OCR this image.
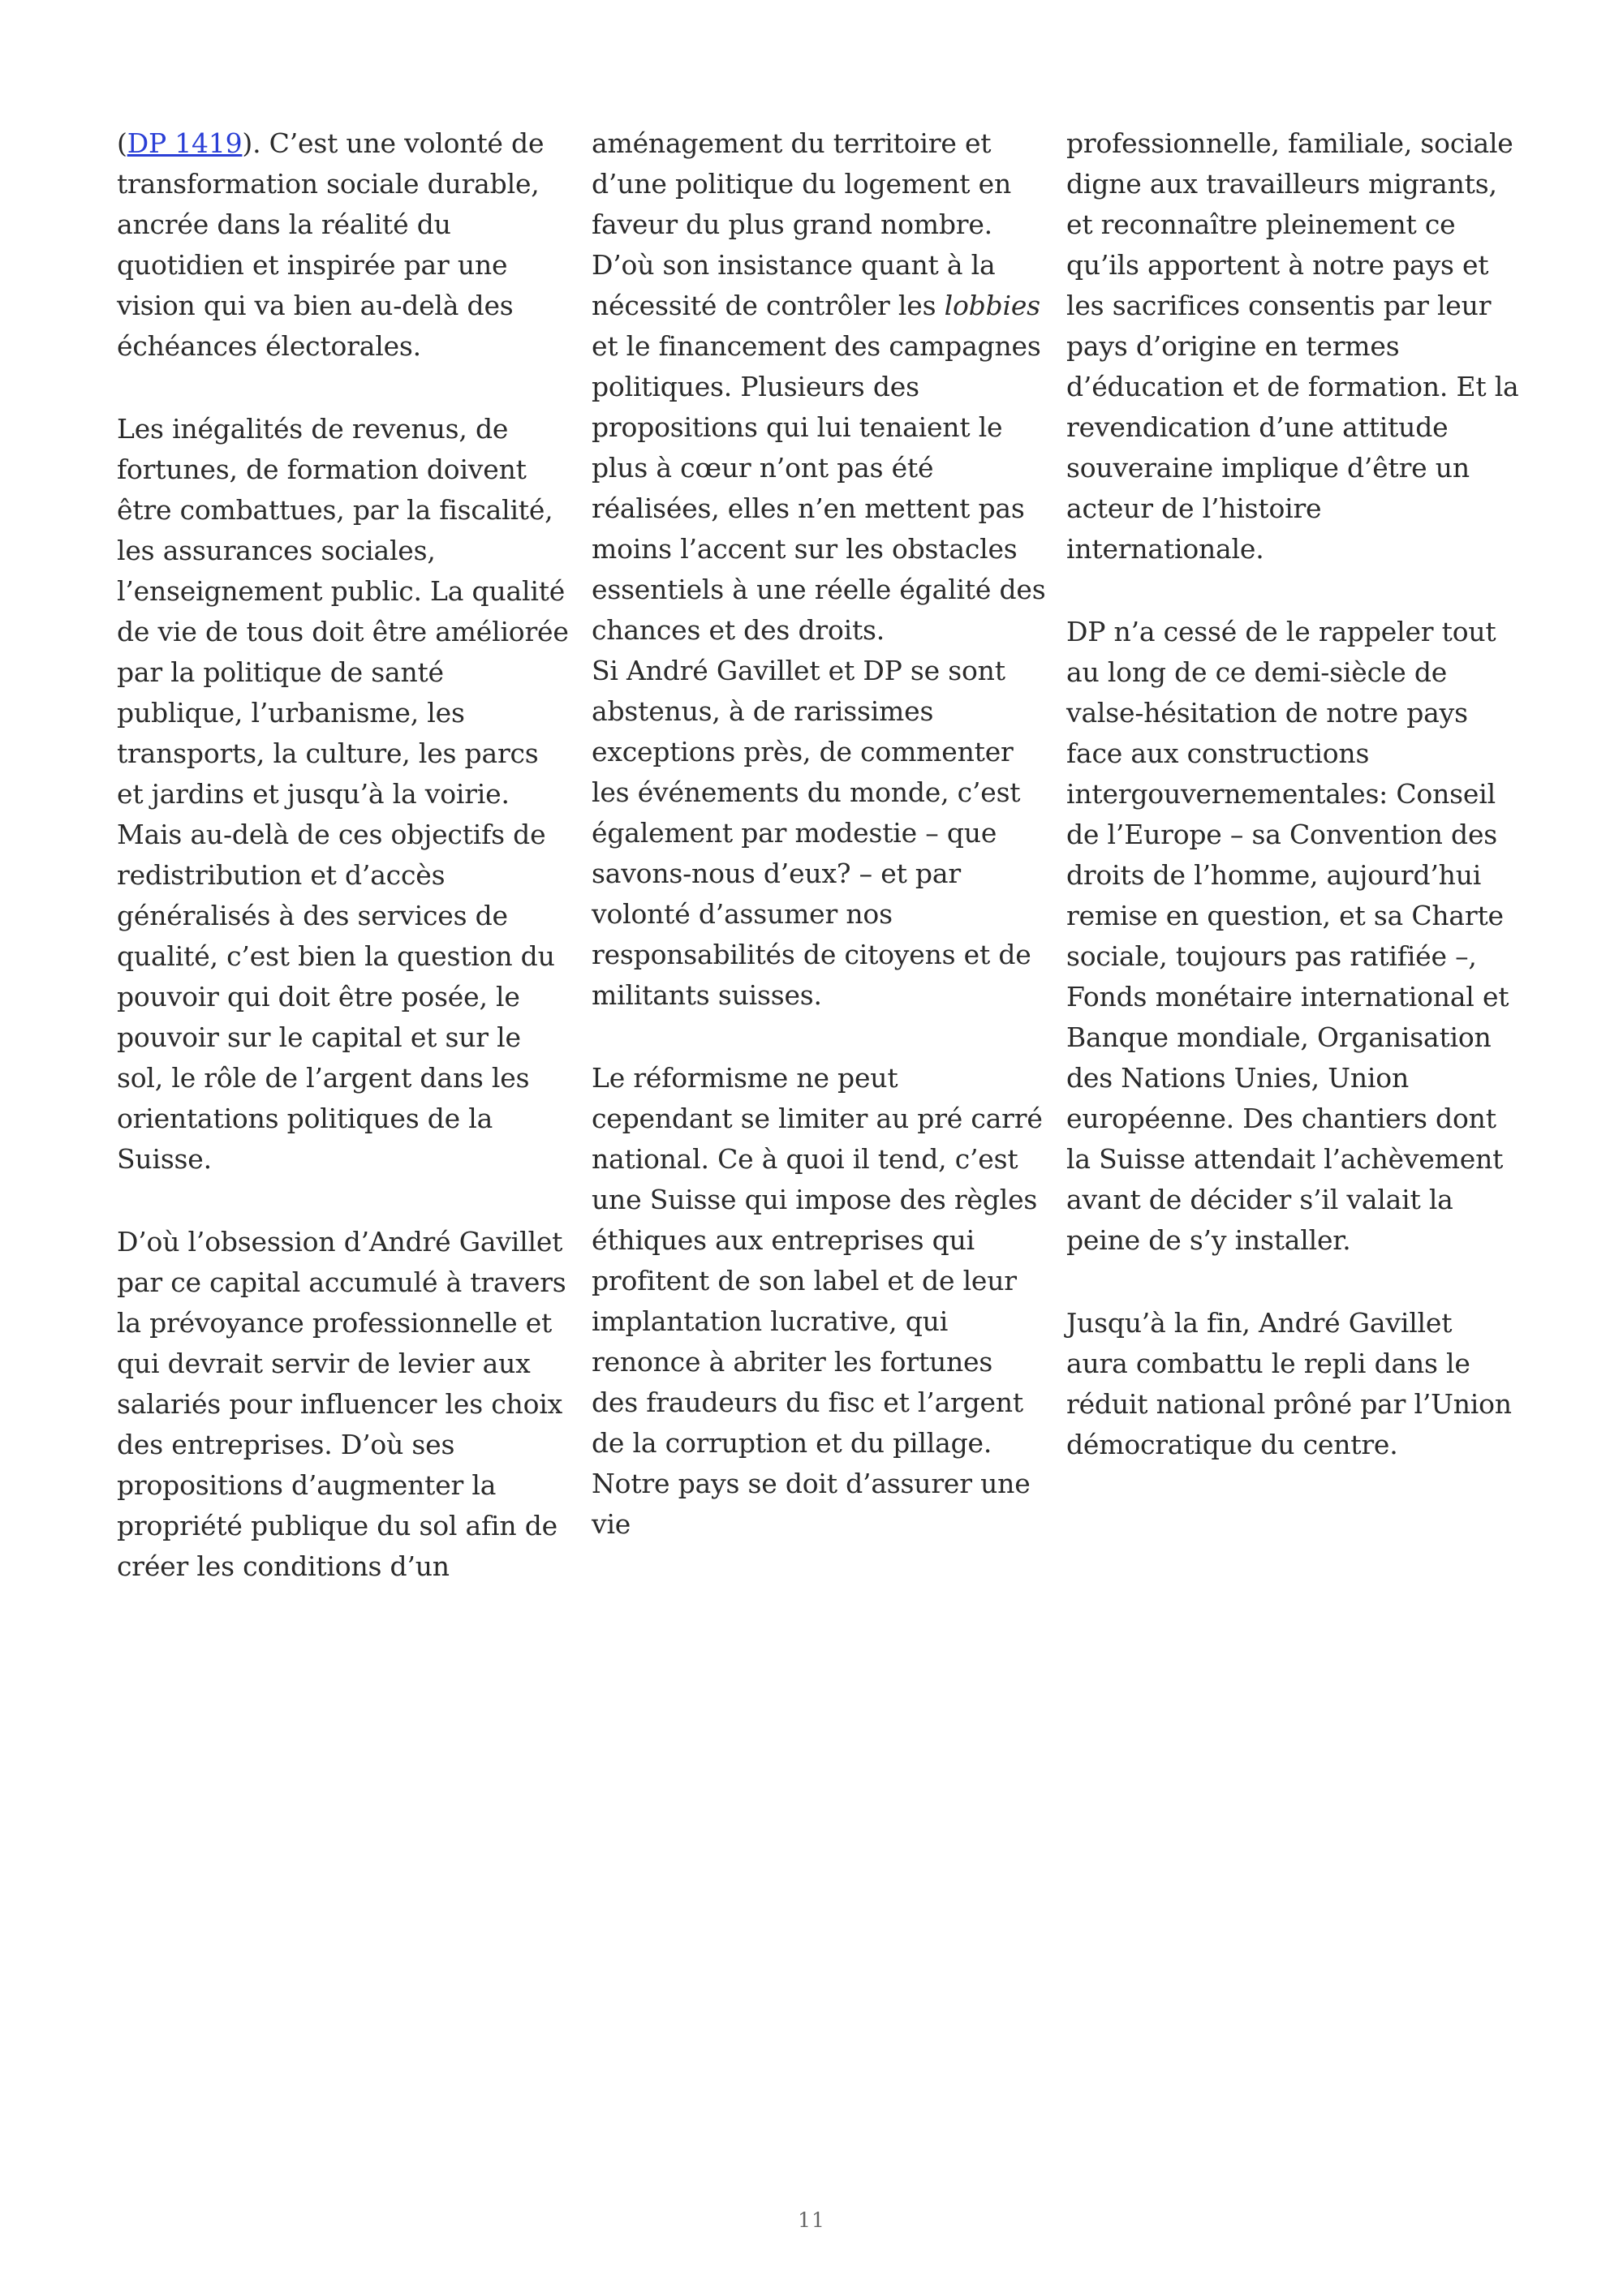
(DP 1419). C’est une volonté de transformation sociale durable, ancrée dans la réalité du quotidien et inspirée par une vision qui va bien au-delà des échéances électorales.

Les inégalités de revenus, de fortunes, de formation doivent être combattues, par la fiscalité, les assurances sociales, l’enseignement public. La qualité de vie de tous doit être améliorée par la politique de santé publique, l’urbanisme, les transports, la culture, les parcs et jardins et jusqu’à la voirie. Mais au-delà de ces objectifs de redistribution et d’accès généralisés à des services de qualité, c’est bien la question du pouvoir qui doit être posée, le pouvoir sur le capital et sur le sol, le rôle de l’argent dans les orientations politiques de la Suisse.

D’où l’obsession d’André Gavillet par ce capital accumulé à travers la prévoyance professionnelle et qui devrait servir de levier aux salariés pour influencer les choix des entreprises. D’où ses propositions d’augmenter la propriété publique du sol afin de créer les conditions d’un

aménagement du territoire et d’une politique du logement en faveur du plus grand nombre. D’où son insistance quant à la nécessité de contrôler les lobbies et le financement des campagnes politiques. Plusieurs des propositions qui lui tenaient le plus à cœur n’ont pas été réalisées, elles n’en mettent pas moins l’accent sur les obstacles essentiels à une réelle égalité des chances et des droits.

Si André Gavillet et DP se sont abstenus, à de rarissimes exceptions près, de commenter les événements du monde, c’est également par modestie – que savons-nous d’eux? – et par volonté d’assumer nos responsabilités de citoyens et de militants suisses.

Le réformisme ne peut cependant se limiter au pré carré national. Ce à quoi il tend, c’est une Suisse qui impose des règles éthiques aux entreprises qui profitent de son label et de leur implantation lucrative, qui renonce à abriter les fortunes des fraudeurs du fisc et l’argent de la corruption et du pillage. Notre pays se doit d’assurer une vie

professionnelle, familiale, sociale digne aux travailleurs migrants, et reconnaître pleinement ce qu’ils apportent à notre pays et les sacrifices consentis par leur pays d’origine en termes d’éducation et de formation. Et la revendication d’une attitude souveraine implique d’être un acteur de l’histoire internationale.

DP n’a cessé de le rappeler tout au long de ce demi-siècle de valse-hésitation de notre pays face aux constructions intergouvernementales: Conseil de l’Europe – sa Convention des droits de l’homme, aujourd’hui remise en question, et sa Charte sociale, toujours pas ratifiée –, Fonds monétaire international et Banque mondiale, Organisation des Nations Unies, Union européenne. Des chantiers dont la Suisse attendait l’achèvement avant de décider s’il valait la peine de s’y installer.

Jusqu’à la fin, André Gavillet aura combattu le repli dans le réduit national prôné par l’Union démocratique du centre.

11
